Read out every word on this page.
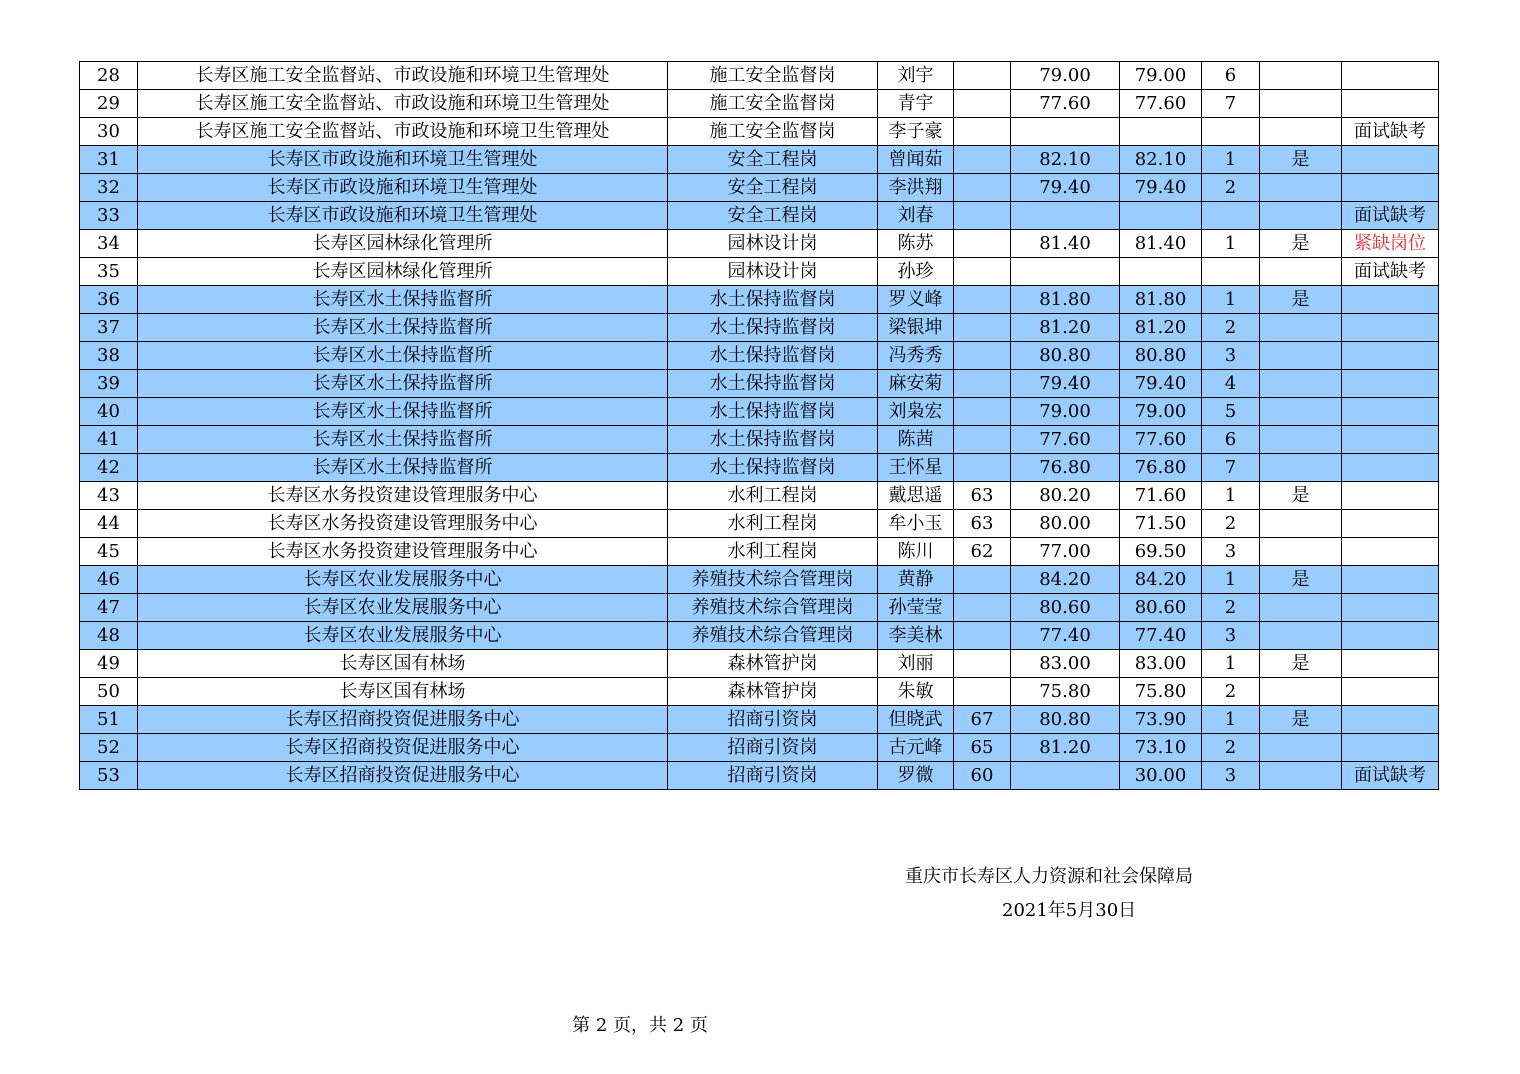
28	长寿区施工安全监督站、市政设施和环境卫生管理处	施工安全监督岗	刘宇		79.00	79.00	6		
29	长寿区施工安全监督站、市政设施和环境卫生管理处	施工安全监督岗	青宇		77.60	77.60	7		
30	长寿区施工安全监督站、市政设施和环境卫生管理处	施工安全监督岗	李子豪						面试缺考
31	长寿区市政设施和环境卫生管理处	安全工程岗	曾闻茹		82.10	82.10	1	是	
32	长寿区市政设施和环境卫生管理处	安全工程岗	李洪翔		79.40	79.40	2		
33	长寿区市政设施和环境卫生管理处	安全工程岗	刘春						面试缺考
34	长寿区园林绿化管理所	园林设计岗	陈苏		81.40	81.40	1	是	紧缺岗位
35	长寿区园林绿化管理所	园林设计岗	孙珍						面试缺考
36	长寿区水土保持监督所	水土保持监督岗	罗义峰		81.80	81.80	1	是	
37	长寿区水土保持监督所	水土保持监督岗	梁银坤		81.20	81.20	2		
38	长寿区水土保持监督所	水土保持监督岗	冯秀秀		80.80	80.80	3		
39	长寿区水土保持监督所	水土保持监督岗	麻安菊		79.40	79.40	4		
40	长寿区水土保持监督所	水土保持监督岗	刘枭宏		79.00	79.00	5		
41	长寿区水土保持监督所	水土保持监督岗	陈茜		77.60	77.60	6		
42	长寿区水土保持监督所	水土保持监督岗	王怀星		76.80	76.80	7		
43	长寿区水务投资建设管理服务中心	水利工程岗	戴思遥	63	80.20	71.60	1	是	
44	长寿区水务投资建设管理服务中心	水利工程岗	牟小玉	63	80.00	71.50	2		
45	长寿区水务投资建设管理服务中心	水利工程岗	陈川	62	77.00	69.50	3		
46	长寿区农业发展服务中心	养殖技术综合管理岗	黄静		84.20	84.20	1	是	
47	长寿区农业发展服务中心	养殖技术综合管理岗	孙莹莹		80.60	80.60	2		
48	长寿区农业发展服务中心	养殖技术综合管理岗	李美林		77.40	77.40	3		
49	长寿区国有林场	森林管护岗	刘丽		83.00	83.00	1	是	
50	长寿区国有林场	森林管护岗	朱敏		75.80	75.80	2		
51	长寿区招商投资促进服务中心	招商引资岗	但晓武	67	80.80	73.90	1	是	
52	长寿区招商投资促进服务中心	招商引资岗	古元峰	65	81.20	73.10	2		
53	长寿区招商投资促进服务中心	招商引资岗	罗微	60		30.00	3		面试缺考
重庆市长寿区人力资源和社会保障局
2021年5月30日
第 2 页，共 2 页
